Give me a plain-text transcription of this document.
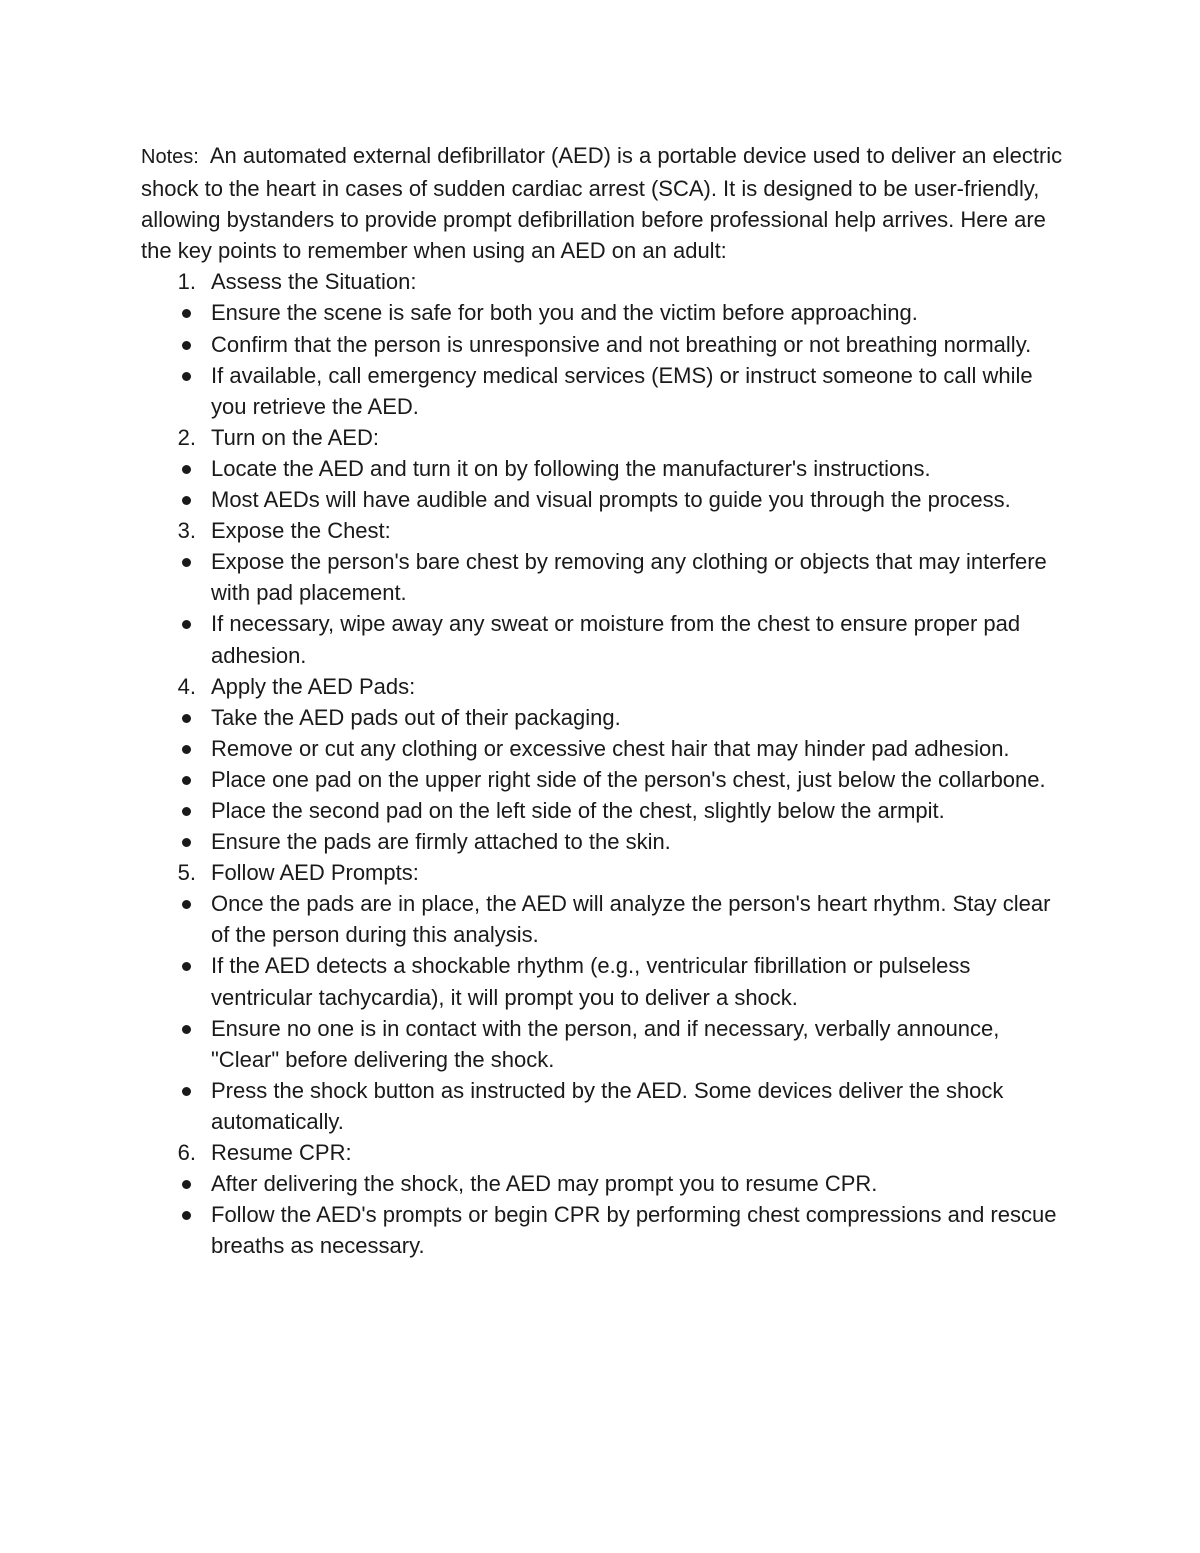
Notes: An automated external defibrillator (AED) is a portable device used to deliver an electric shock to the heart in cases of sudden cardiac arrest (SCA). It is designed to be user-friendly, allowing bystanders to provide prompt defibrillation before professional help arrives. Here are the key points to remember when using an AED on an adult:

1. Assess the Situation:
Ensure the scene is safe for both you and the victim before approaching.
Confirm that the person is unresponsive and not breathing or not breathing normally.
If available, call emergency medical services (EMS) or instruct someone to call while you retrieve the AED.
2. Turn on the AED:
Locate the AED and turn it on by following the manufacturer's instructions.
Most AEDs will have audible and visual prompts to guide you through the process.
3. Expose the Chest:
Expose the person's bare chest by removing any clothing or objects that may interfere with pad placement.
If necessary, wipe away any sweat or moisture from the chest to ensure proper pad adhesion.
4. Apply the AED Pads:
Take the AED pads out of their packaging.
Remove or cut any clothing or excessive chest hair that may hinder pad adhesion.
Place one pad on the upper right side of the person's chest, just below the collarbone.
Place the second pad on the left side of the chest, slightly below the armpit.
Ensure the pads are firmly attached to the skin.
5. Follow AED Prompts:
Once the pads are in place, the AED will analyze the person's heart rhythm. Stay clear of the person during this analysis.
If the AED detects a shockable rhythm (e.g., ventricular fibrillation or pulseless ventricular tachycardia), it will prompt you to deliver a shock.
Ensure no one is in contact with the person, and if necessary, verbally announce, "Clear" before delivering the shock.
Press the shock button as instructed by the AED. Some devices deliver the shock automatically.
6. Resume CPR:
After delivering the shock, the AED may prompt you to resume CPR.
Follow the AED's prompts or begin CPR by performing chest compressions and rescue breaths as necessary.
